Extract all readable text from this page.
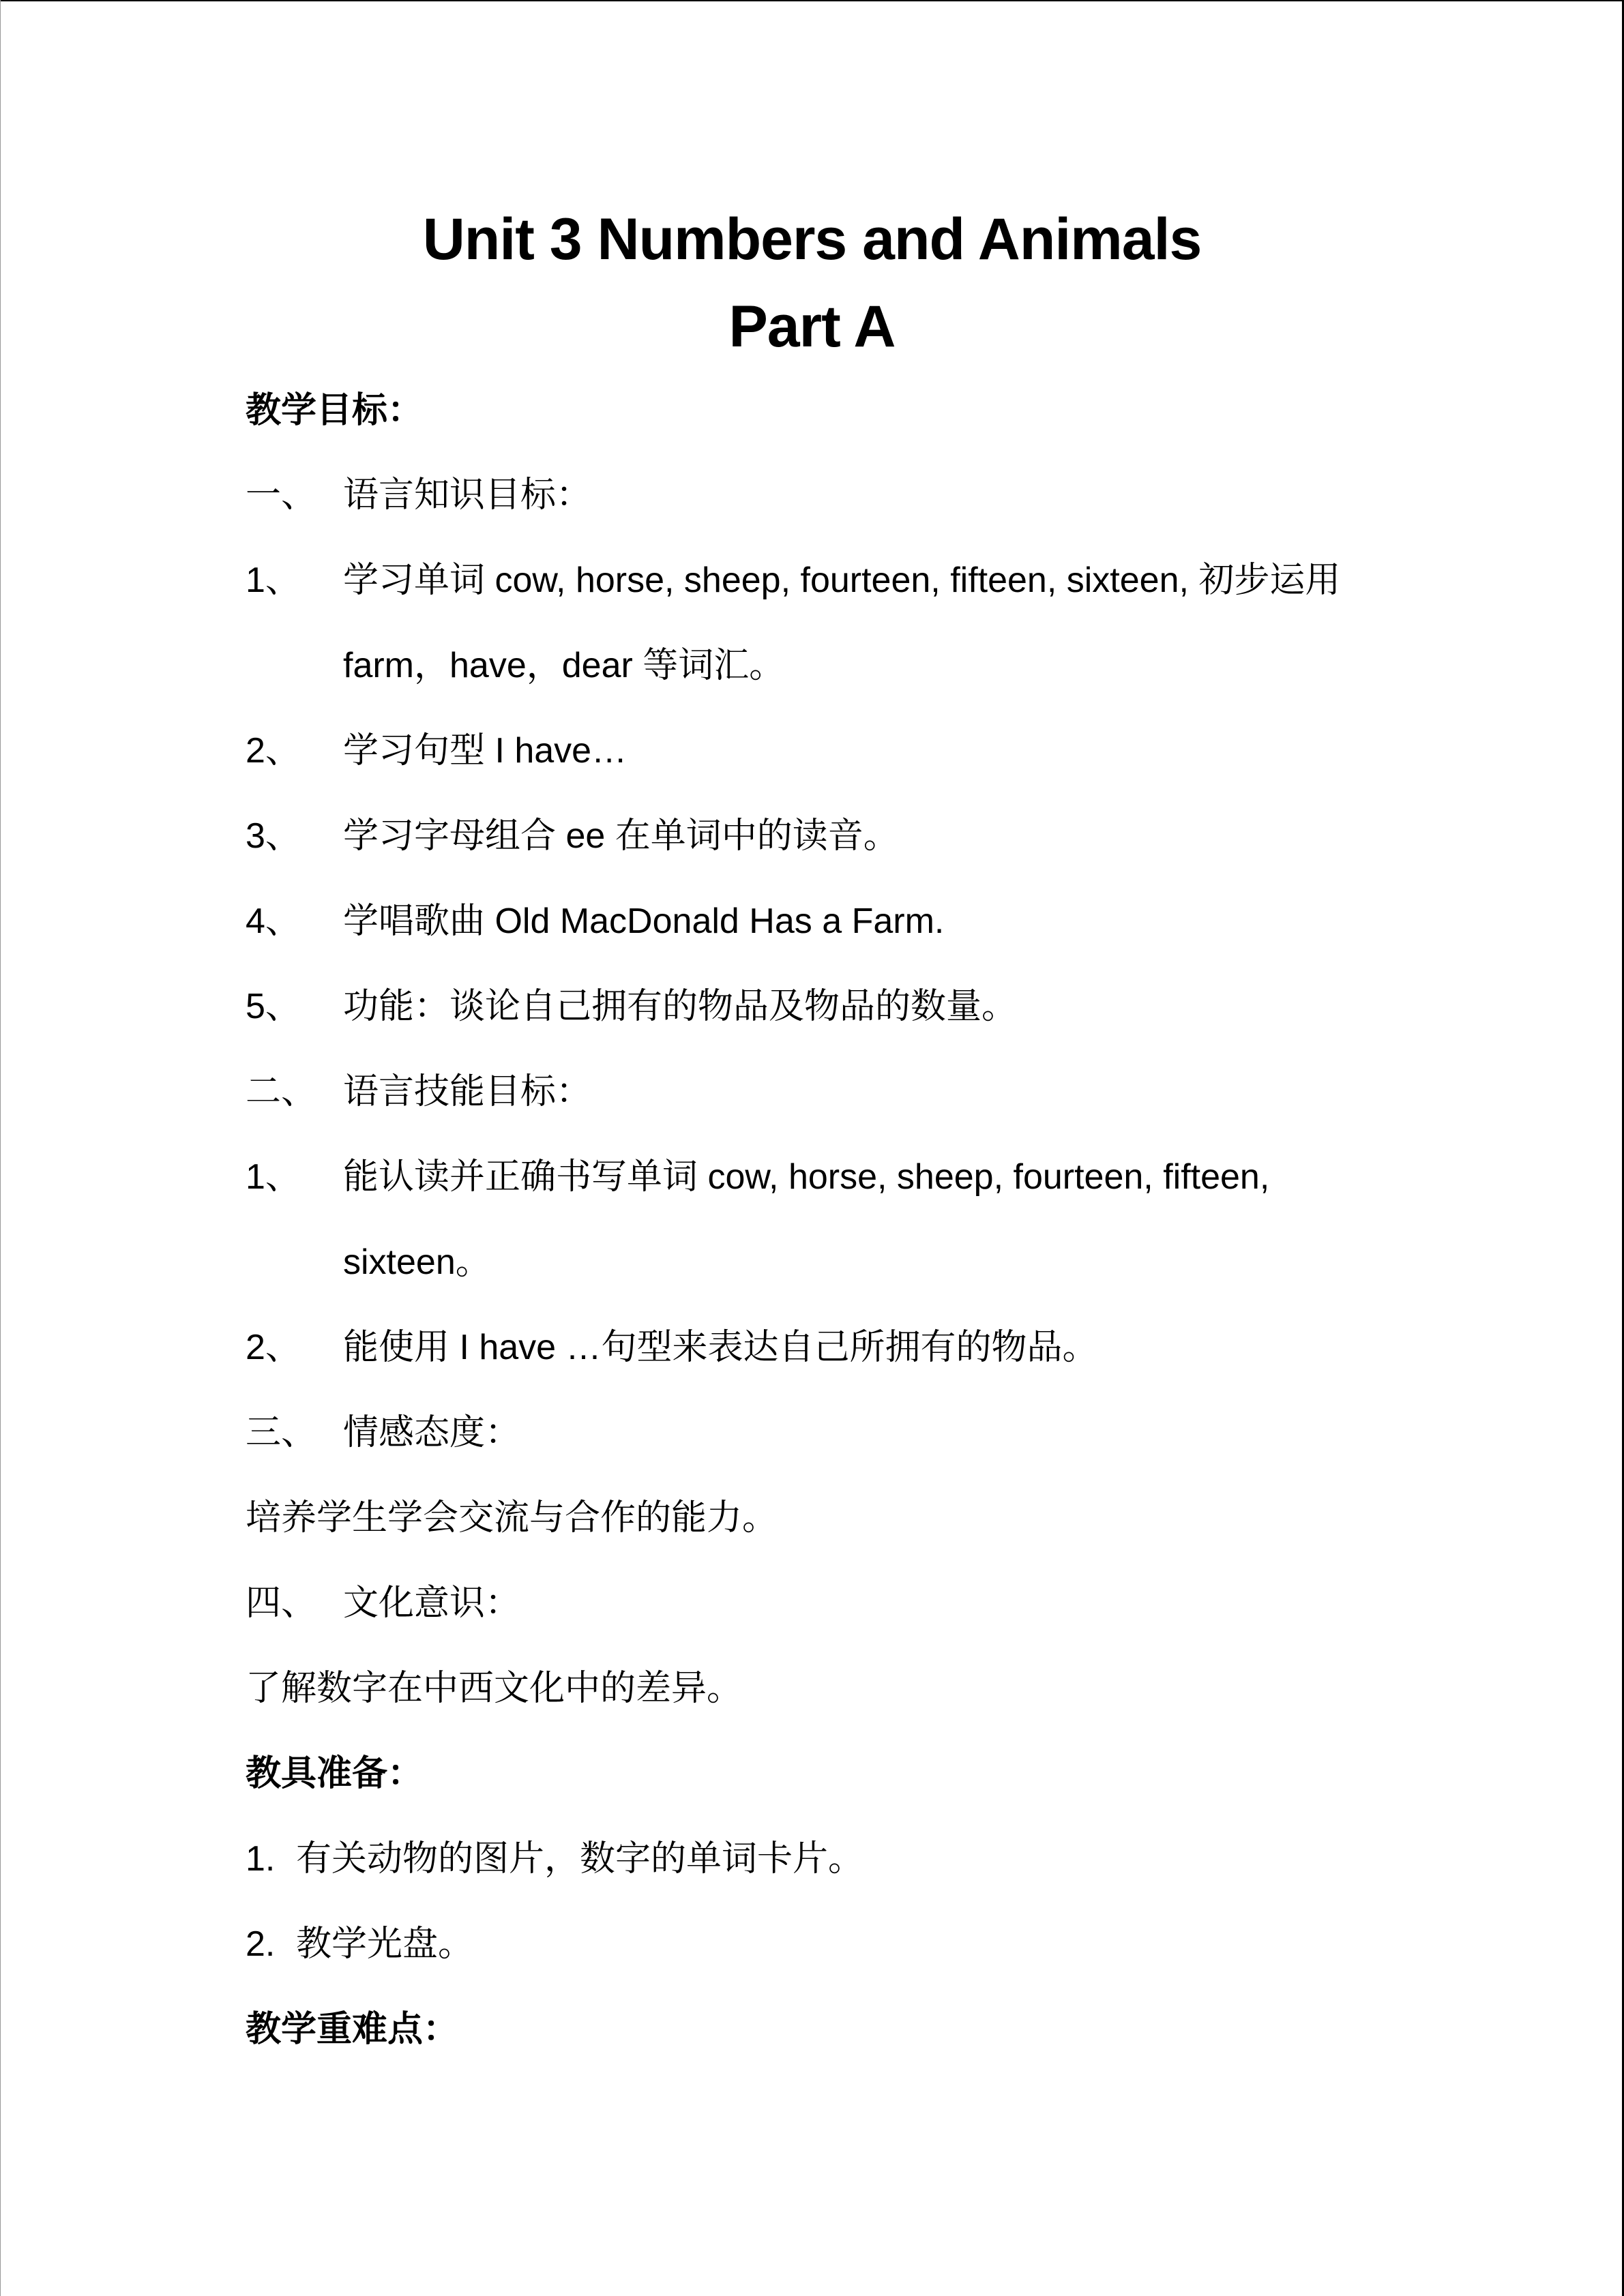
Unit 3 Numbers and Animals
Part A
教学目标：
一、 语言知识目标：
1、 学习单词 cow, horse, sheep, fourteen, fifteen, sixteen, 初步运用
farm，have，dear 等词汇。
2、 学习句型 I have…
3、 学习字母组合 ee 在单词中的读音。
4、 学唱歌曲 Old MacDonald Has a Farm.
5、 功能：谈论自己拥有的物品及物品的数量。
二、 语言技能目标：
1、 能认读并正确书写单词 cow, horse, sheep, fourteen, fifteen,
sixteen。
2、 能使用 I have …句型来表达自己所拥有的物品。
三、 情感态度：
培养学生学会交流与合作的能力。
四、 文化意识：
了解数字在中西文化中的差异。
教具准备：
1. 有关动物的图片，数字的单词卡片。
2. 教学光盘。
教学重难点：
